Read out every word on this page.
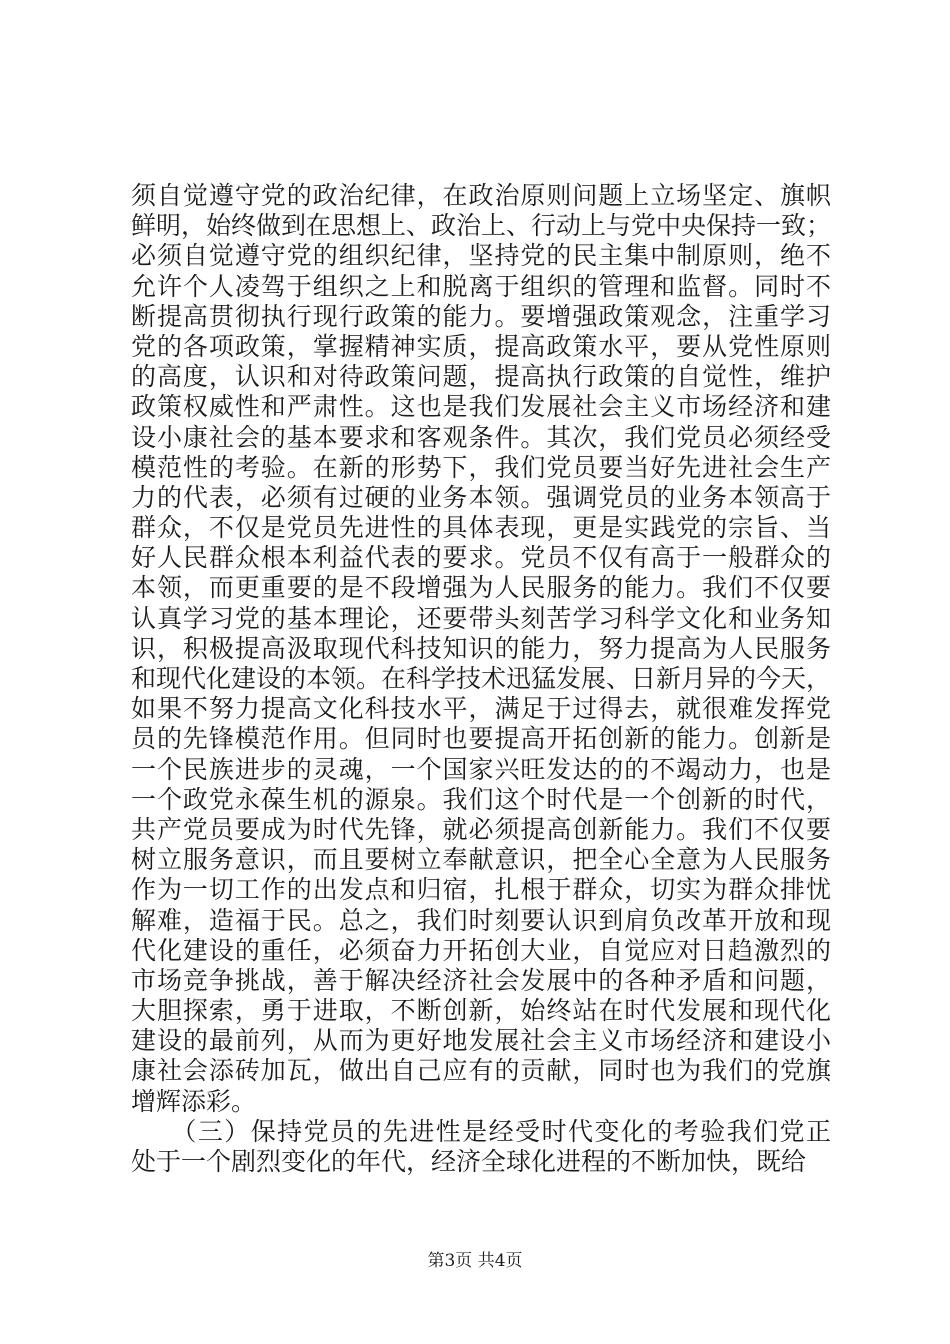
须自觉遵守党的政治纪律，在政治原则问题上立场坚定、旗帜
鲜明，始终做到在思想上、政治上、行动上与党中央保持一致；
必须自觉遵守党的组织纪律，坚持党的民主集中制原则，绝不
允许个人凌驾于组织之上和脱离于组织的管理和监督。同时不
断提高贯彻执行现行政策的能力。要增强政策观念，注重学习
党的各项政策，掌握精神实质，提高政策水平，要从党性原则
的高度，认识和对待政策问题，提高执行政策的自觉性，维护
政策权威性和严肃性。这也是我们发展社会主义市场经济和建
设小康社会的基本要求和客观条件。其次，我们党员必须经受
模范性的考验。在新的形势下，我们党员要当好先进社会生产
力的代表，必须有过硬的业务本领。强调党员的业务本领高于
群众，不仅是党员先进性的具体表现，更是实践党的宗旨、当
好人民群众根本利益代表的要求。党员不仅有高于一般群众的
本领，而更重要的是不段增强为人民服务的能力。我们不仅要
认真学习党的基本理论，还要带头刻苦学习科学文化和业务知
识，积极提高汲取现代科技知识的能力，努力提高为人民服务
和现代化建设的本领。在科学技术迅猛发展、日新月异的今天，
如果不努力提高文化科技水平，满足于过得去，就很难发挥党
员的先锋模范作用。但同时也要提高开拓创新的能力。创新是
一个民族进步的灵魂，一个国家兴旺发达的的不竭动力，也是
一个政党永葆生机的源泉。我们这个时代是一个创新的时代，
共产党员要成为时代先锋，就必须提高创新能力。我们不仅要
树立服务意识，而且要树立奉献意识，把全心全意为人民服务
作为一切工作的出发点和归宿，扎根于群众，切实为群众排忧
解难，造福于民。总之，我们时刻要认识到肩负改革开放和现
代化建设的重任，必须奋力开拓创大业，自觉应对日趋激烈的
市场竞争挑战，善于解决经济社会发展中的各种矛盾和问题，
大胆探索，勇于进取，不断创新，始终站在时代发展和现代化
建设的最前列，从而为更好地发展社会主义市场经济和建设小
康社会添砖加瓦，做出自己应有的贡献，同时也为我们的党旗
增辉添彩。
　　（三）保持党员的先进性是经受时代变化的考验我们党正
处于一个剧烈变化的年代，经济全球化进程的不断加快，既给
第3页 共4页
